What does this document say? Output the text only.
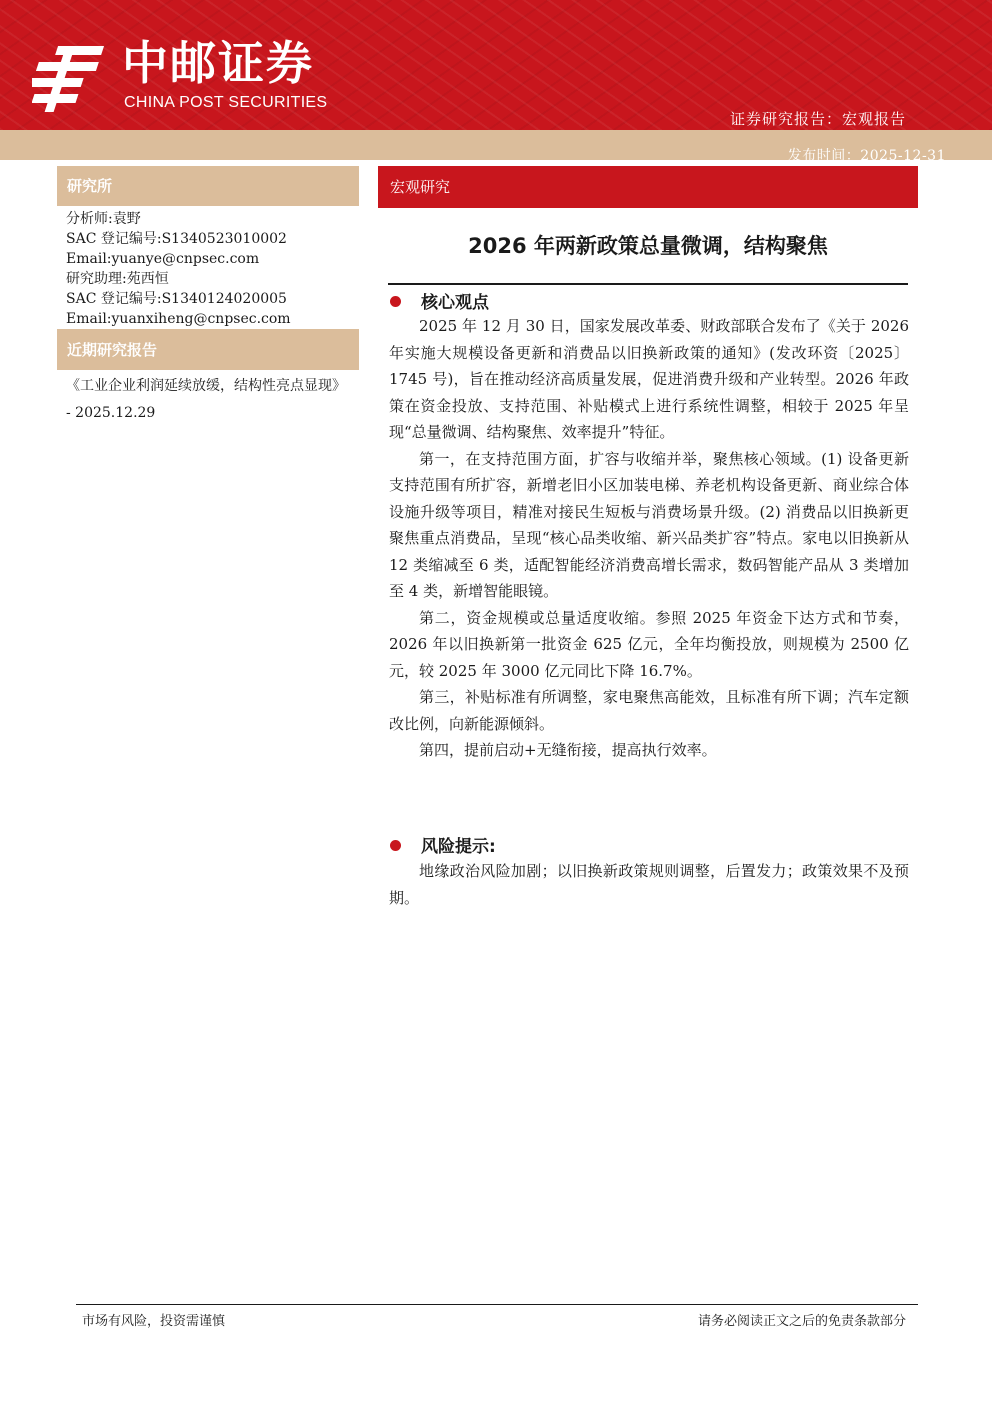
中邮证券
CHINA POST SECURITIES
证券研究报告：宏观报告
发布时间：2025-12-31
研究所
分析师:袁野
SAC 登记编号:S1340523010002
Email:yuanye@cnpsec.com
研究助理:苑西恒
SAC 登记编号:S1340124020005
Email:yuanxiheng@cnpsec.com
近期研究报告
《工业企业利润延续放缓，结构性亮点显现》 - 2025.12.29
宏观研究
2026 年两新政策总量微调，结构聚焦
核心观点

2025 年 12 月 30 日，国家发展改革委、财政部联合发布了《关于 2026 年实施大规模设备更新和消费品以旧换新政策的通知》(发改环资〔2025〕1745 号)，旨在推动经济高质量发展，促进消费升级和产业转型。2026 年政策在资金投放、支持范围、补贴模式上进行系统性调整，相较于 2025 年呈现“总量微调、结构聚焦、效率提升”特征。

第一，在支持范围方面，扩容与收缩并举，聚焦核心领域。(1) 设备更新支持范围有所扩容，新增老旧小区加装电梯、养老机构设备更新、商业综合体设施升级等项目，精准对接民生短板与消费场景升级。(2) 消费品以旧换新更聚焦重点消费品，呈现“核心品类收缩、新兴品类扩容”特点。家电以旧换新从 12 类缩减至 6 类，适配智能经济消费高增长需求，数码智能产品从 3 类增加至 4 类，新增智能眼镜。

第二，资金规模或总量适度收缩。参照 2025 年资金下达方式和节奏，2026 年以旧换新第一批资金 625 亿元，全年均衡投放，则规模为 2500 亿元，较 2025 年 3000 亿元同比下降 16.7%。

第三，补贴标准有所调整，家电聚焦高能效，且标准有所下调；汽车定额改比例，向新能源倾斜。

第四，提前启动+无缝衔接，提高执行效率。

风险提示:

地缘政治风险加剧；以旧换新政策规则调整，后置发力；政策效果不及预期。

市场有风险，投资需谨慎	请务必阅读正文之后的免责条款部分
